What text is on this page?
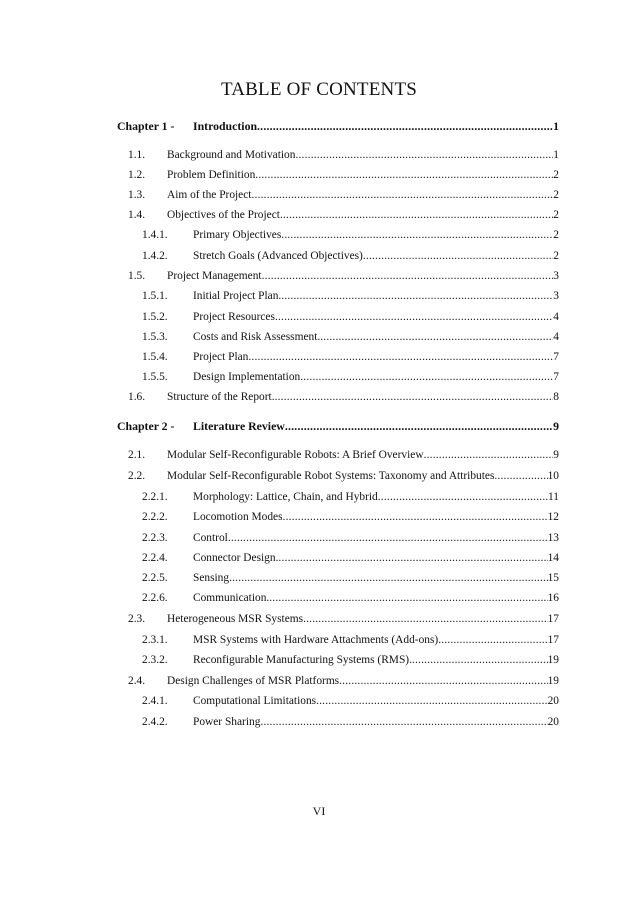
TABLE OF CONTENTS
Chapter 1 -	Introduction .....	1
1.1.	Background and Motivation .....	1
1.2.	Problem Definition .....	2
1.3.	Aim of the Project .....	2
1.4.	Objectives of the Project .....	2
1.4.1.	Primary Objectives .....	2
1.4.2.	Stretch Goals (Advanced Objectives) .....	2
1.5.	Project Management .....	3
1.5.1.	Initial Project Plan. .....	3
1.5.2.	Project Resources .....	4
1.5.3.	Costs and Risk Assessment. .....	4
1.5.4.	Project Plan .....	7
1.5.5.	Design Implementation .....	7
1.6.	Structure of the Report. .....	8
Chapter 2 -	Literature Review .....	9
2.1.	Modular Self-Reconfigurable Robots: A Brief Overview .....	9
2.2.	Modular Self-Reconfigurable Robot Systems: Taxonomy and Attributes .....	10
2.2.1.	Morphology: Lattice, Chain, and Hybrid .....	11
2.2.2.	Locomotion Modes .....	12
2.2.3.	Control .....	13
2.2.4.	Connector Design. .....	14
2.2.5.	Sensing .....	15
2.2.6.	Communication. .....	16
2.3.	Heterogeneous MSR Systems .....	17
2.3.1.	MSR Systems with Hardware Attachments (Add-ons) .....	17
2.3.2.	Reconfigurable Manufacturing Systems (RMS). .....	19
2.4.	Design Challenges of MSR Platforms .....	19
2.4.1.	Computational Limitations .....	20
2.4.2.	Power Sharing .....	20
VI
